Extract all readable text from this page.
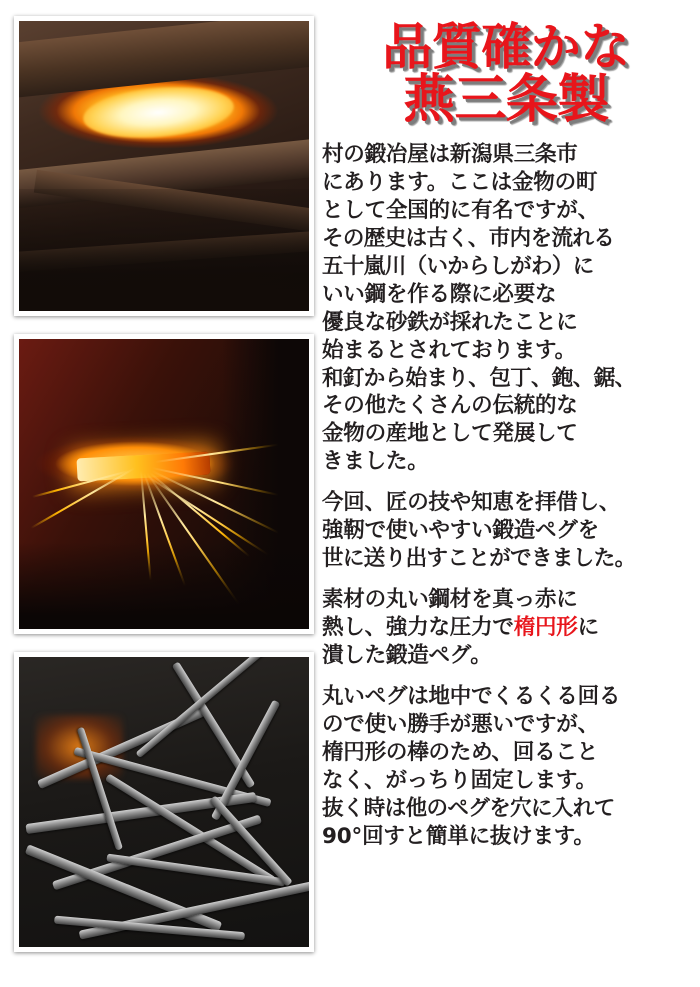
品質確かな
燕三条製

村の鍛冶屋は新潟県三条市

にあります。ここは金物の町

として全国的に有名ですが、

その歴史は古く、市内を流れる

五十嵐川（いからしがわ）に

いい鋼を作る際に必要な

優良な砂鉄が採れたことに

始まるとされております。

和釘から始まり、包丁、鉋、鋸、

その他たくさんの伝統的な

金物の産地として発展して

きました。

今回、匠の技や知恵を拝借し、

強靭で使いやすい鍛造ペグを

世に送り出すことができました。

素材の丸い鋼材を真っ赤に

熱し、強力な圧力で楕円形に

潰した鍛造ペグ。

丸いペグは地中でくるくる回る

ので使い勝手が悪いですが、

楕円形の棒のため、回ること

なく、がっちり固定します。

抜く時は他のペグを穴に入れて

90°回すと簡単に抜けます。
